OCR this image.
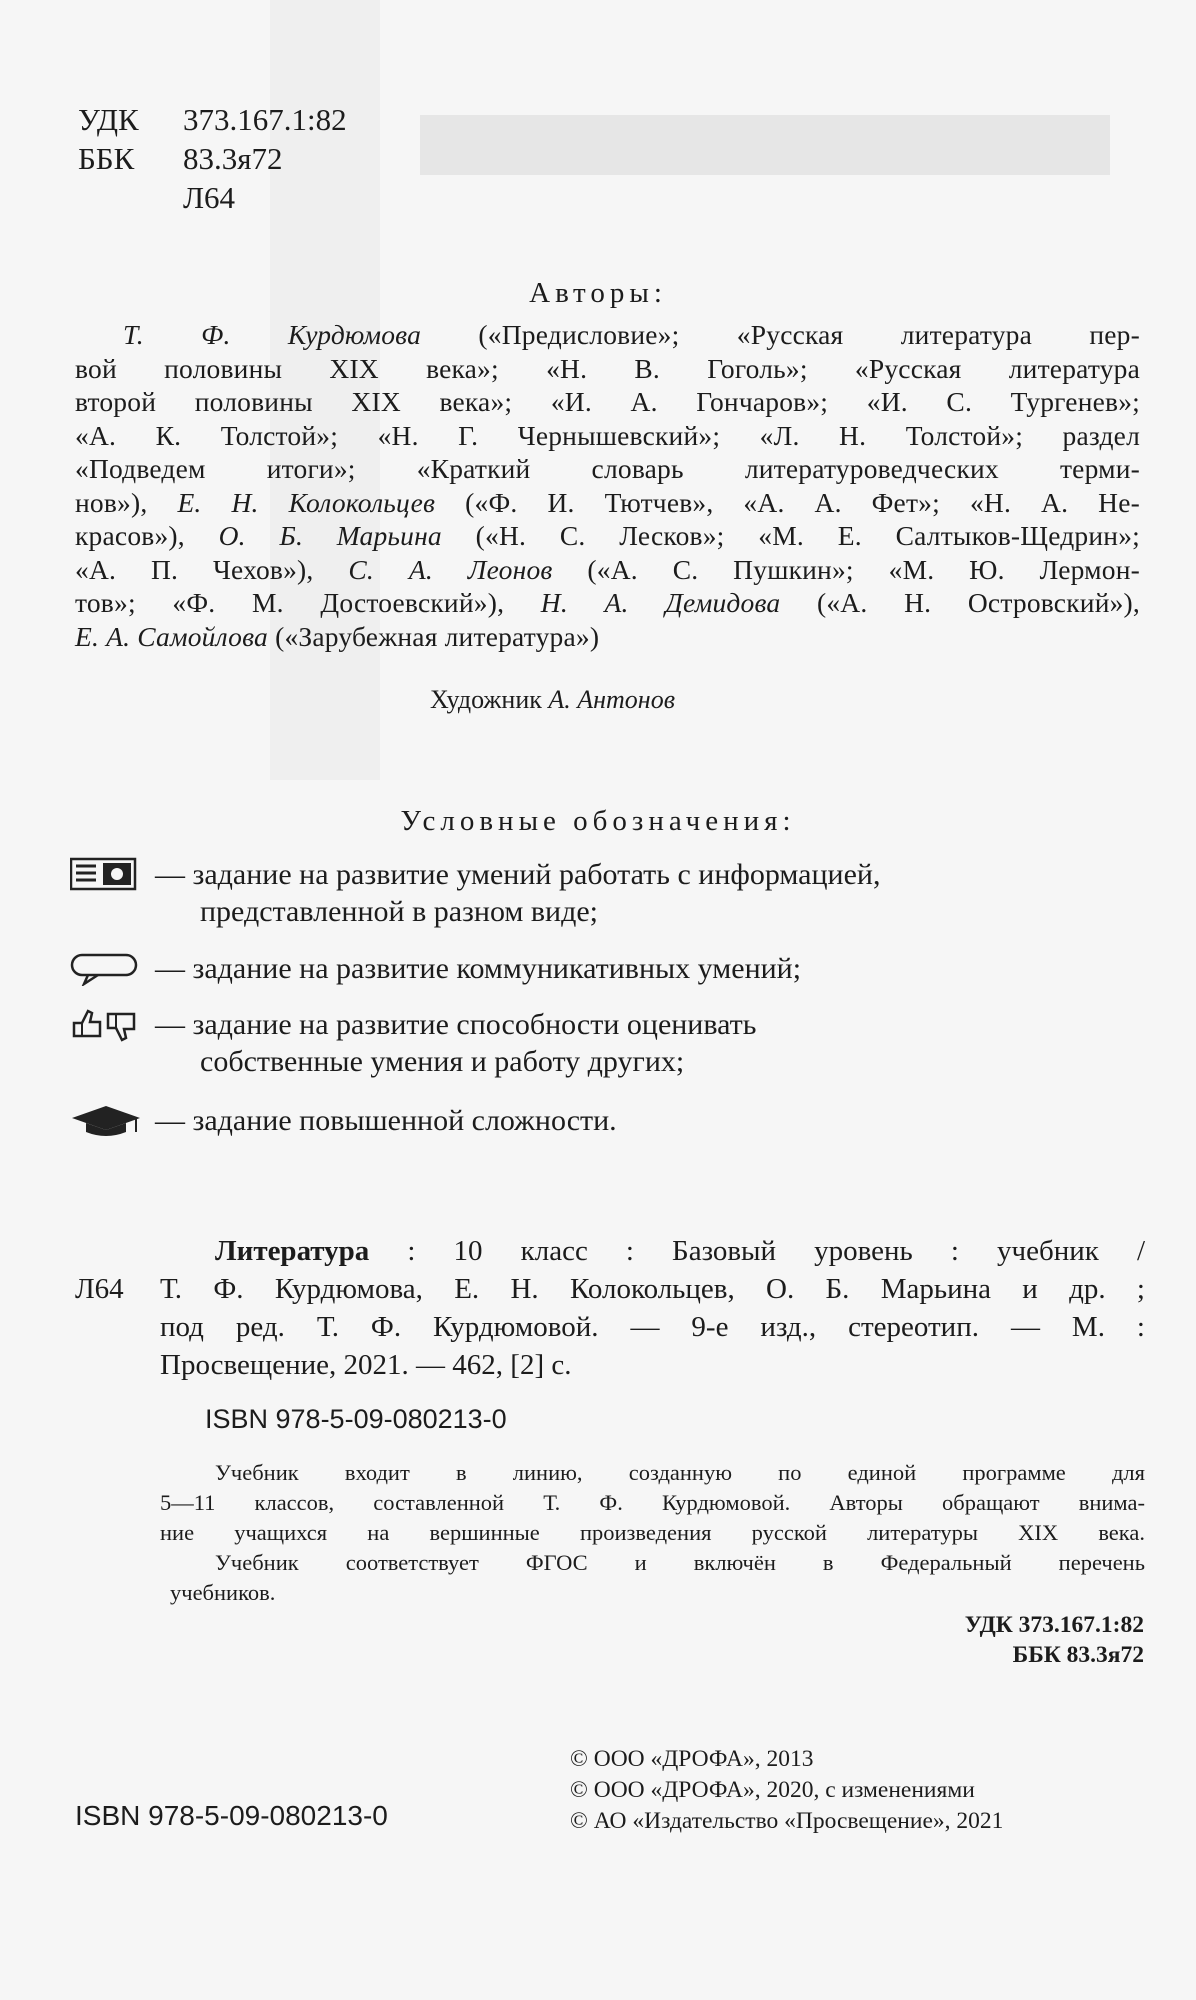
УДК	373.167.1:82
ББК	83.3я72
Л64
Авторы:
Т. Ф. Курдюмова («Предисловие»; «Русская литература пер-
вой половины XIX века»; «Н. В. Гоголь»; «Русская литература
второй половины XIX века»; «И. А. Гончаров»; «И. С. Тургенев»;
«А. К. Толстой»; «Н. Г. Чернышевский»; «Л. Н. Толстой»; раздел
«Подведем итоги»; «Краткий словарь литературоведческих терми-
нов»), Е. Н. Колокольцев («Ф. И. Тютчев», «А. А. Фет»; «Н. А. Не-
красов»), О. Б. Марьина («Н. С. Лесков»; «М. Е. Салтыков-Щедрин»;
«А. П. Чехов»), С. А. Леонов («А. С. Пушкин»; «М. Ю. Лермон-
тов»; «Ф. М. Достоевский»), Н. А. Демидова («А. Н. Островский»),
Е. А. Самойлова («Зарубежная литература»)
Художник А. Антонов
Условные обозначения:
— задание на развитие умений работать с информацией,
представленной в разном виде;
— задание на развитие коммуникативных умений;
— задание на развитие способности оценивать
собственные умения и работу других;
— задание повышенной сложности.
Л64
Литература : 10 класс : Базовый уровень : учебник /
Т. Ф. Курдюмова, Е. Н. Колокольцев, О. Б. Марьина и др. ;
под ред. Т. Ф. Курдюмовой. — 9-е изд., стереотип. — М. :
Просвещение, 2021. — 462, [2] с.
ISBN 978-5-09-080213-0
Учебник входит в линию, созданную по единой программе для
5—11 классов, составленной Т. Ф. Курдюмовой. Авторы обращают внима-
ние учащихся на вершинные произведения русской литературы XIX века.
Учебник соответствует ФГОС и включён в Федеральный перечень
учебников.
УДК 373.167.1:82
ББК 83.3я72
© ООО «ДРОФА», 2013
© ООО «ДРОФА», 2020, с изменениями
© АО «Издательство «Просвещение», 2021
ISBN 978-5-09-080213-0
